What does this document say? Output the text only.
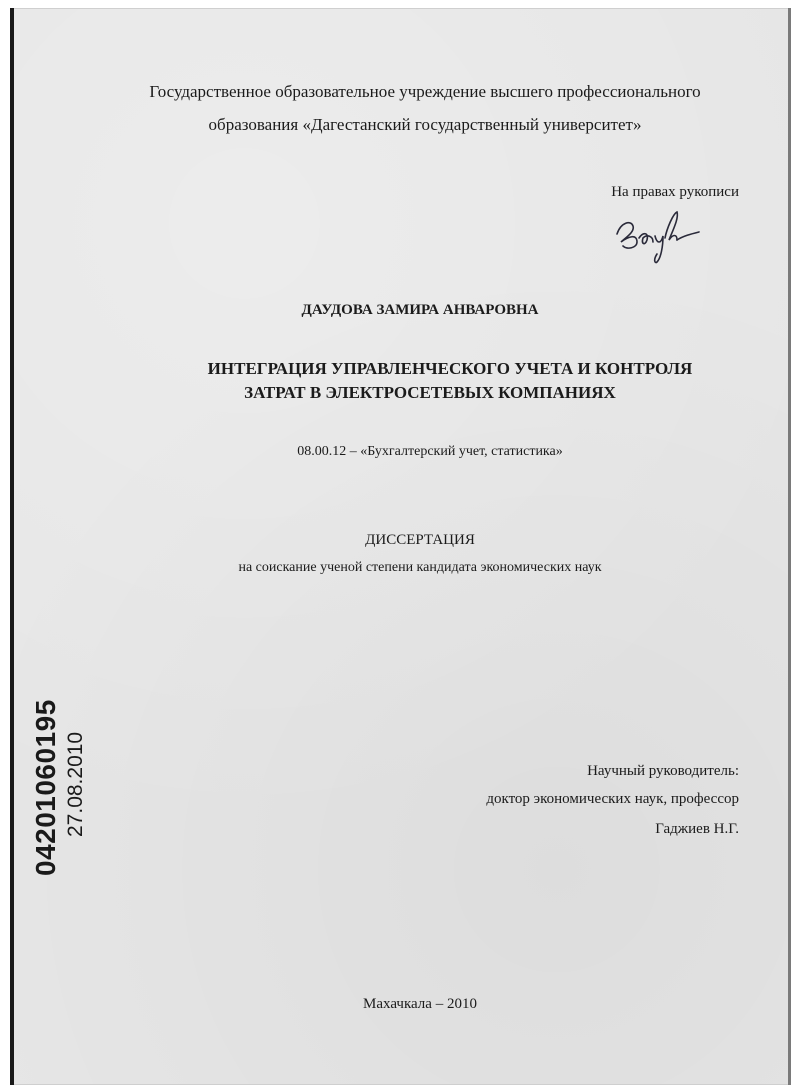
Государственное образовательное учреждение высшего профессионального
образования «Дагестанский государственный университет»
На правах рукописи
ДАУДОВА ЗАМИРА АНВАРОВНА
ИНТЕГРАЦИЯ УПРАВЛЕНЧЕСКОГО УЧЕТА И КОНТРОЛЯ
ЗАТРАТ В ЭЛЕКТРОСЕТЕВЫХ КОМПАНИЯХ
08.00.12 – «Бухгалтерский учет, статистика»
ДИССЕРТАЦИЯ
на соискание ученой степени кандидата экономических наук
04201060195 27.08.2010	Научный руководитель:
доктор экономических наук, профессор
Гаджиев Н.Г.
Махачкала – 2010
